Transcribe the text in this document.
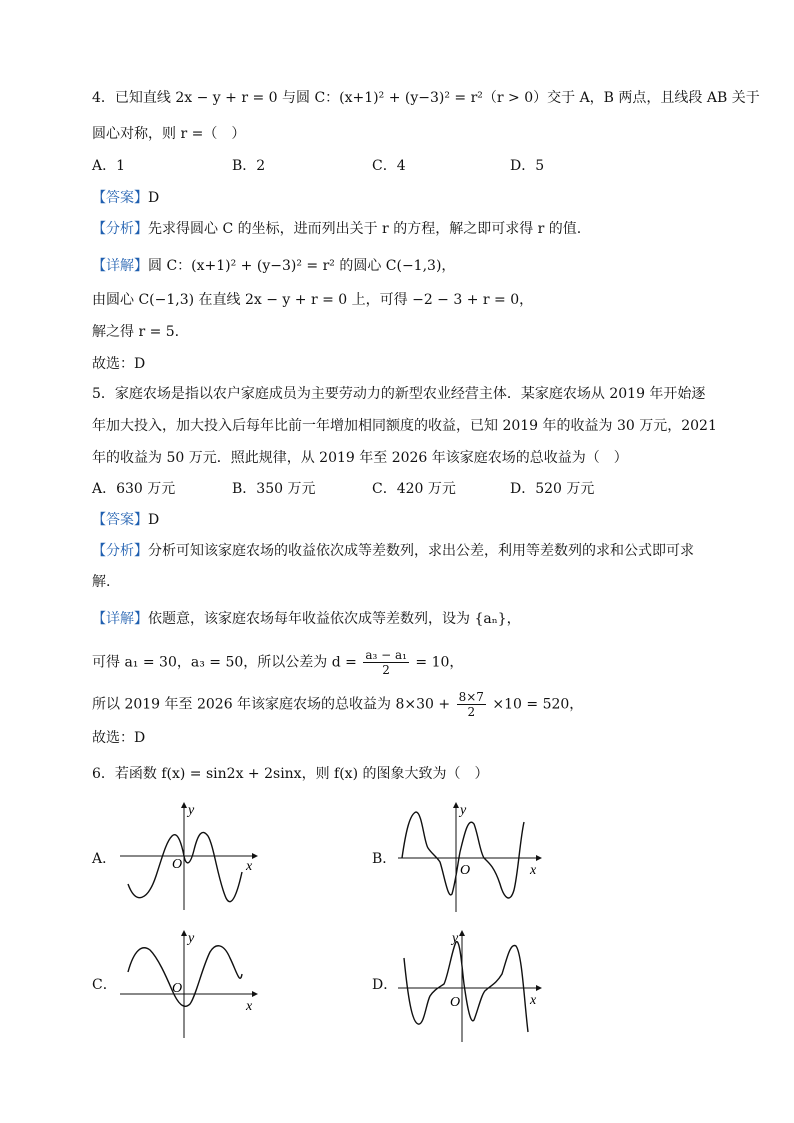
4．已知直线 2x − y + r = 0 与圆 C：(x+1)² + (y−3)² = r²（r > 0）交于 A，B 两点，且线段 AB 关于
圆心对称，则 r =（　）
A．1	B．2	C．4	D．5
【答案】D
【分析】先求得圆心 C 的坐标，进而列出关于 r 的方程，解之即可求得 r 的值.
【详解】圆 C：(x+1)² + (y−3)² = r² 的圆心 C(−1,3)，
由圆心 C(−1,3) 在直线 2x − y + r = 0 上，可得 −2 − 3 + r = 0，
解之得 r = 5.
故选：D
5．家庭农场是指以农户家庭成员为主要劳动力的新型农业经营主体．某家庭农场从 2019 年开始逐
年加大投入，加大投入后每年比前一年增加相同额度的收益，已知 2019 年的收益为 30 万元，2021
年的收益为 50 万元．照此规律，从 2019 年至 2026 年该家庭农场的总收益为（　）
A．630 万元	B．350 万元	C．420 万元	D．520 万元
【答案】D
【分析】分析可知该家庭农场的收益依次成等差数列，求出公差，利用等差数列的求和公式即可求
解.
【详解】依题意，该家庭农场每年收益依次成等差数列，设为 {aₙ}，
可得 a₁ = 30，a₃ = 50，所以公差为 $d = \frac{\text{a₃ − a₁}}{2} = 10$，
所以 2019 年至 2026 年该家庭农场的总收益为 $8\times 30 + \frac{8\times 7}{2} \times 10 = 520$，
故选：D
6．若函数 f(x) = sin2x + 2sinx，则 f(x) 的图象大致为（　）
A．	B．
C．	D．
y
x
O
y
x
O
y
x
O
y
x
O
